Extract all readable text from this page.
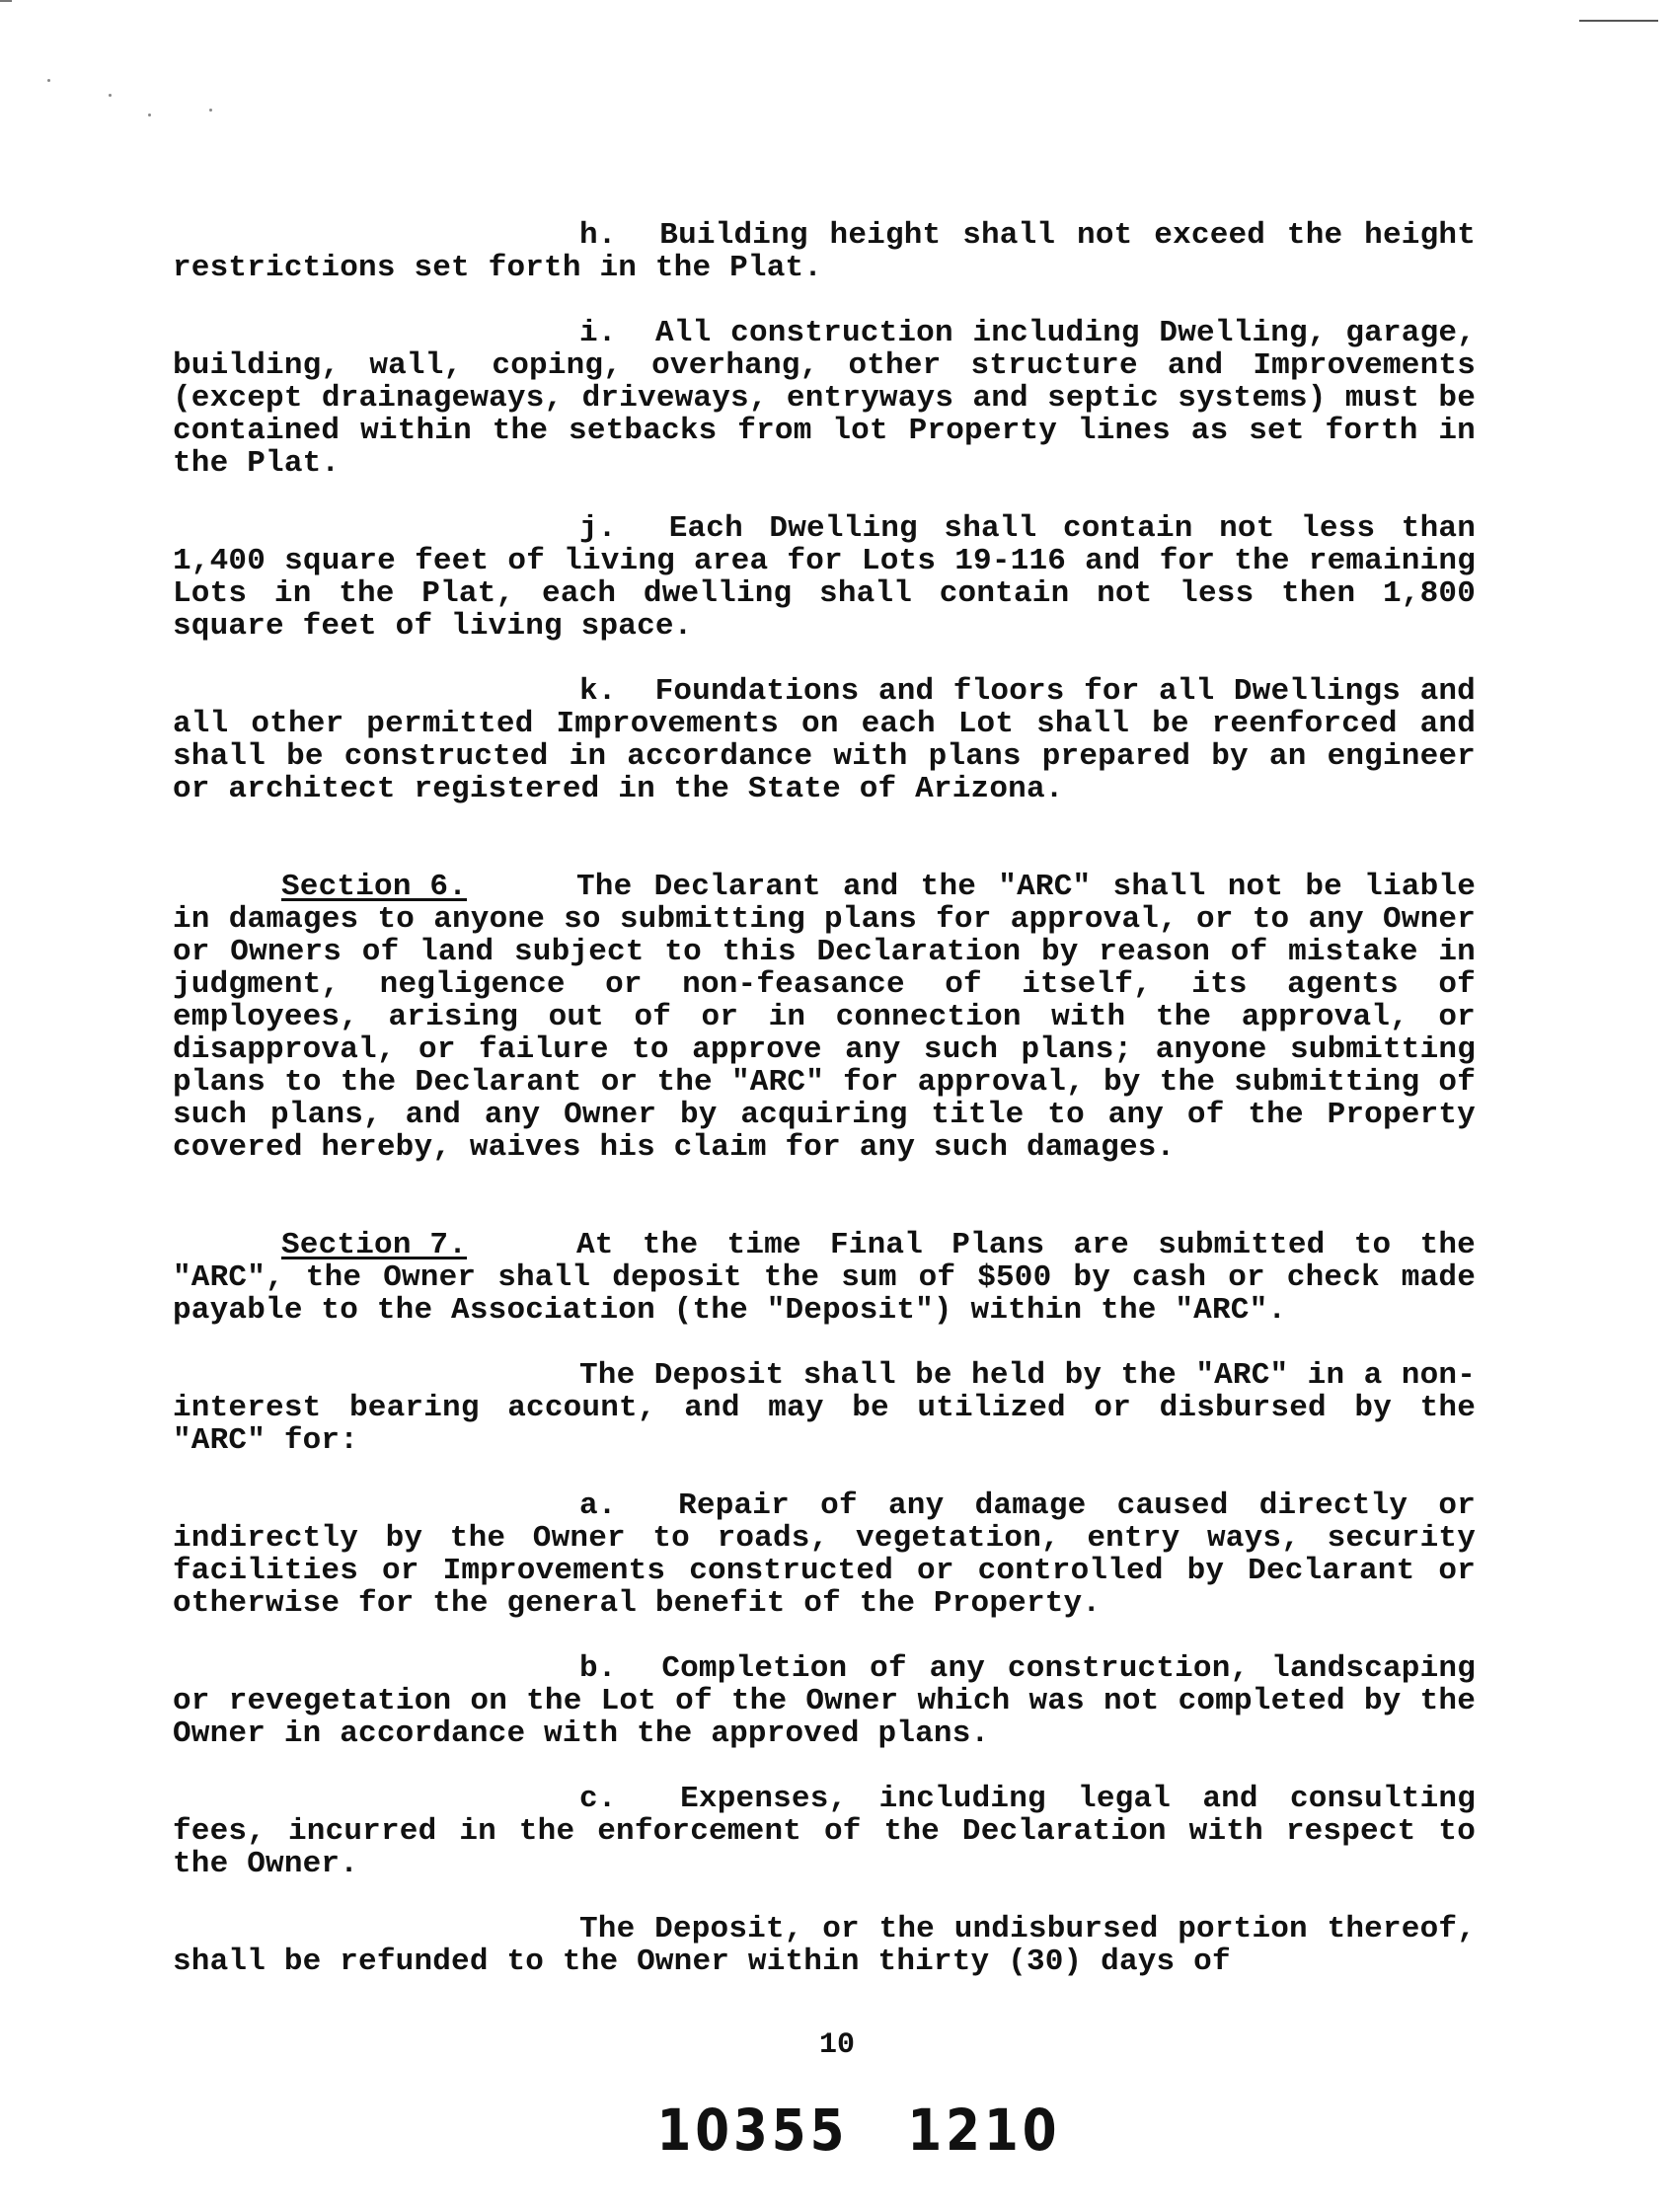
h. Building height shall not exceed the height restrictions set forth in the Plat.

i. All construction including Dwelling, garage, building, wall, coping, overhang, other structure and Improvements (except drainageways, driveways, entryways and septic systems) must be contained within the setbacks from lot Property lines as set forth in the Plat.

j. Each Dwelling shall contain not less than 1,400 square feet of living area for Lots 19-116 and for the remaining Lots in the Plat, each dwelling shall contain not less then 1,800 square feet of living space.

k. Foundations and floors for all Dwellings and all other permitted Improvements on each Lot shall be reenforced and shall be constructed in accordance with plans prepared by an engineer or architect registered in the State of Arizona.

Section 6.	The Declarant and the "ARC" shall not be liable in damages to anyone so submitting plans for approval, or to any Owner or Owners of land subject to this Declaration by reason of mistake in judgment, negligence or non-feasance of itself, its agents of employees, arising out of or in connection with the approval, or disapproval, or failure to approve any such plans; anyone submitting plans to the Declarant or the "ARC" for approval, by the submitting of such plans, and any Owner by acquiring title to any of the Property covered hereby, waives his claim for any such damages.

Section 7.	At the time Final Plans are submitted to the "ARC", the Owner shall deposit the sum of $500 by cash or check made payable to the Association (the "Deposit") within the "ARC".

The Deposit shall be held by the "ARC" in a non-interest bearing account, and may be utilized or disbursed by the "ARC" for:

a. Repair of any damage caused directly or indirectly by the Owner to roads, vegetation, entry ways, security facilities or Improvements constructed or controlled by Declarant or otherwise for the general benefit of the Property.

b. Completion of any construction, landscaping or revegetation on the Lot of the Owner which was not completed by the Owner in accordance with the approved plans.

c. Expenses, including legal and consulting fees, incurred in the enforcement of the Declaration with respect to the Owner.

The Deposit, or the undisbursed portion thereof, shall be refunded to the Owner within thirty (30) days of

10
10355 1210
